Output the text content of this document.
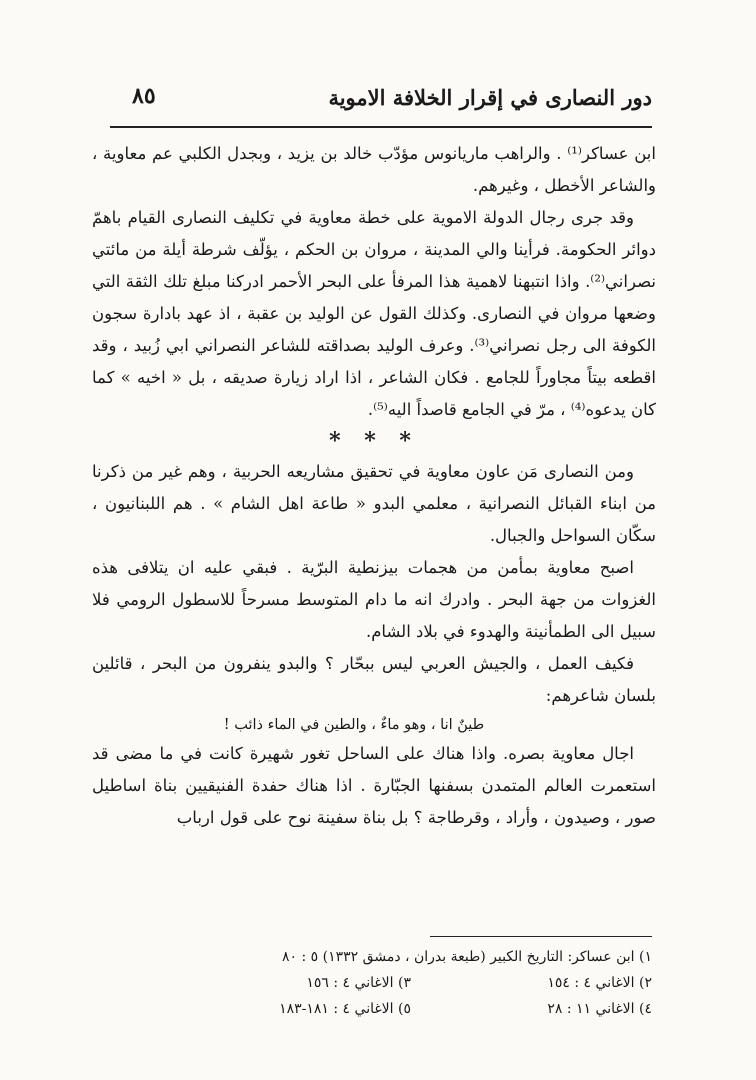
دور النصارى في إقرار الخلافة الاموية
٨٥

ابن عساكر⁽¹⁾ . والراهب ماريانوس مؤدّب خالد بن يزيد ، وبجدل الكلبي عم معاوية ، والشاعر الأخطل ، وغيرهم.

وقد جرى رجال الدولة الاموية على خطة معاوية في تكليف النصارى القيام باهمّ دوائر الحكومة. فرأينا والي المدينة ، مروان بن الحكم ، يؤلّف شرطة أيلة من مائتي نصراني⁽²⁾. واذا انتبهنا لاهمية هذا المرفأ على البحر الأحمر ادركنا مبلغ تلك الثقة التي وضعها مروان في النصارى. وكذلك القول عن الوليد بن عقبة ، اذ عهد بادارة سجون الكوفة الى رجل نصراني⁽³⁾. وعرف الوليد بصداقته للشاعر النصراني ابي زُبيد ، وقد اقطعه بيتاً مجاوراً للجامع . فكان الشاعر ، اذا اراد زيارة صديقه ، بل « اخيه » كما كان يدعوه⁽⁴⁾ ، مرّ في الجامع قاصداً اليه⁽⁵⁾.

* * *

ومن النصارى مَن عاون معاوية في تحقيق مشاريعه الحربية ، وهم غير من ذكرنا من ابناء القبائل النصرانية ، معلمي البدو « طاعة اهل الشام » . هم اللبنانيون ، سكّان السواحل والجبال.

اصبح معاوية بمأمن من هجمات بيزنطية البرّية . فبقي عليه ان يتلافى هذه الغزوات من جهة البحر . وادرك انه ما دام المتوسط مسرحاً للاسطول الرومي فلا سبيل الى الطمأنينة والهدوء في بلاد الشام.

فكيف العمل ، والجيش العربي ليس ببحّار ؟ والبدو ينفرون من البحر ، قائلين بلسان شاعرهم:

طينٌ انا ، وهو ماءٌ ، والطين في الماء ذائب !

اجال معاوية بصره. واذا هناك على الساحل تغور شهيرة كانت في ما مضى قد استعمرت العالم المتمدن بسفنها الجبّارة . اذا هناك حفدة الفنيقيين بناة اساطيل صور ، وصيدون ، وأراد ، وقرطاجة ؟ بل بناة سفينة نوح على قول ارباب

١) ابن عساكر: التاريخ الكبير (طبعة بدران ، دمشق ١٣٣٢) ٥ : ٨٠
٢) الاغاني ٤ : ١٥٤
٣) الاغاني ٤ : ١٥٦
٤) الاغاني ١١ : ٢٨
٥) الاغاني ٤ : ١٨١-١٨٣
